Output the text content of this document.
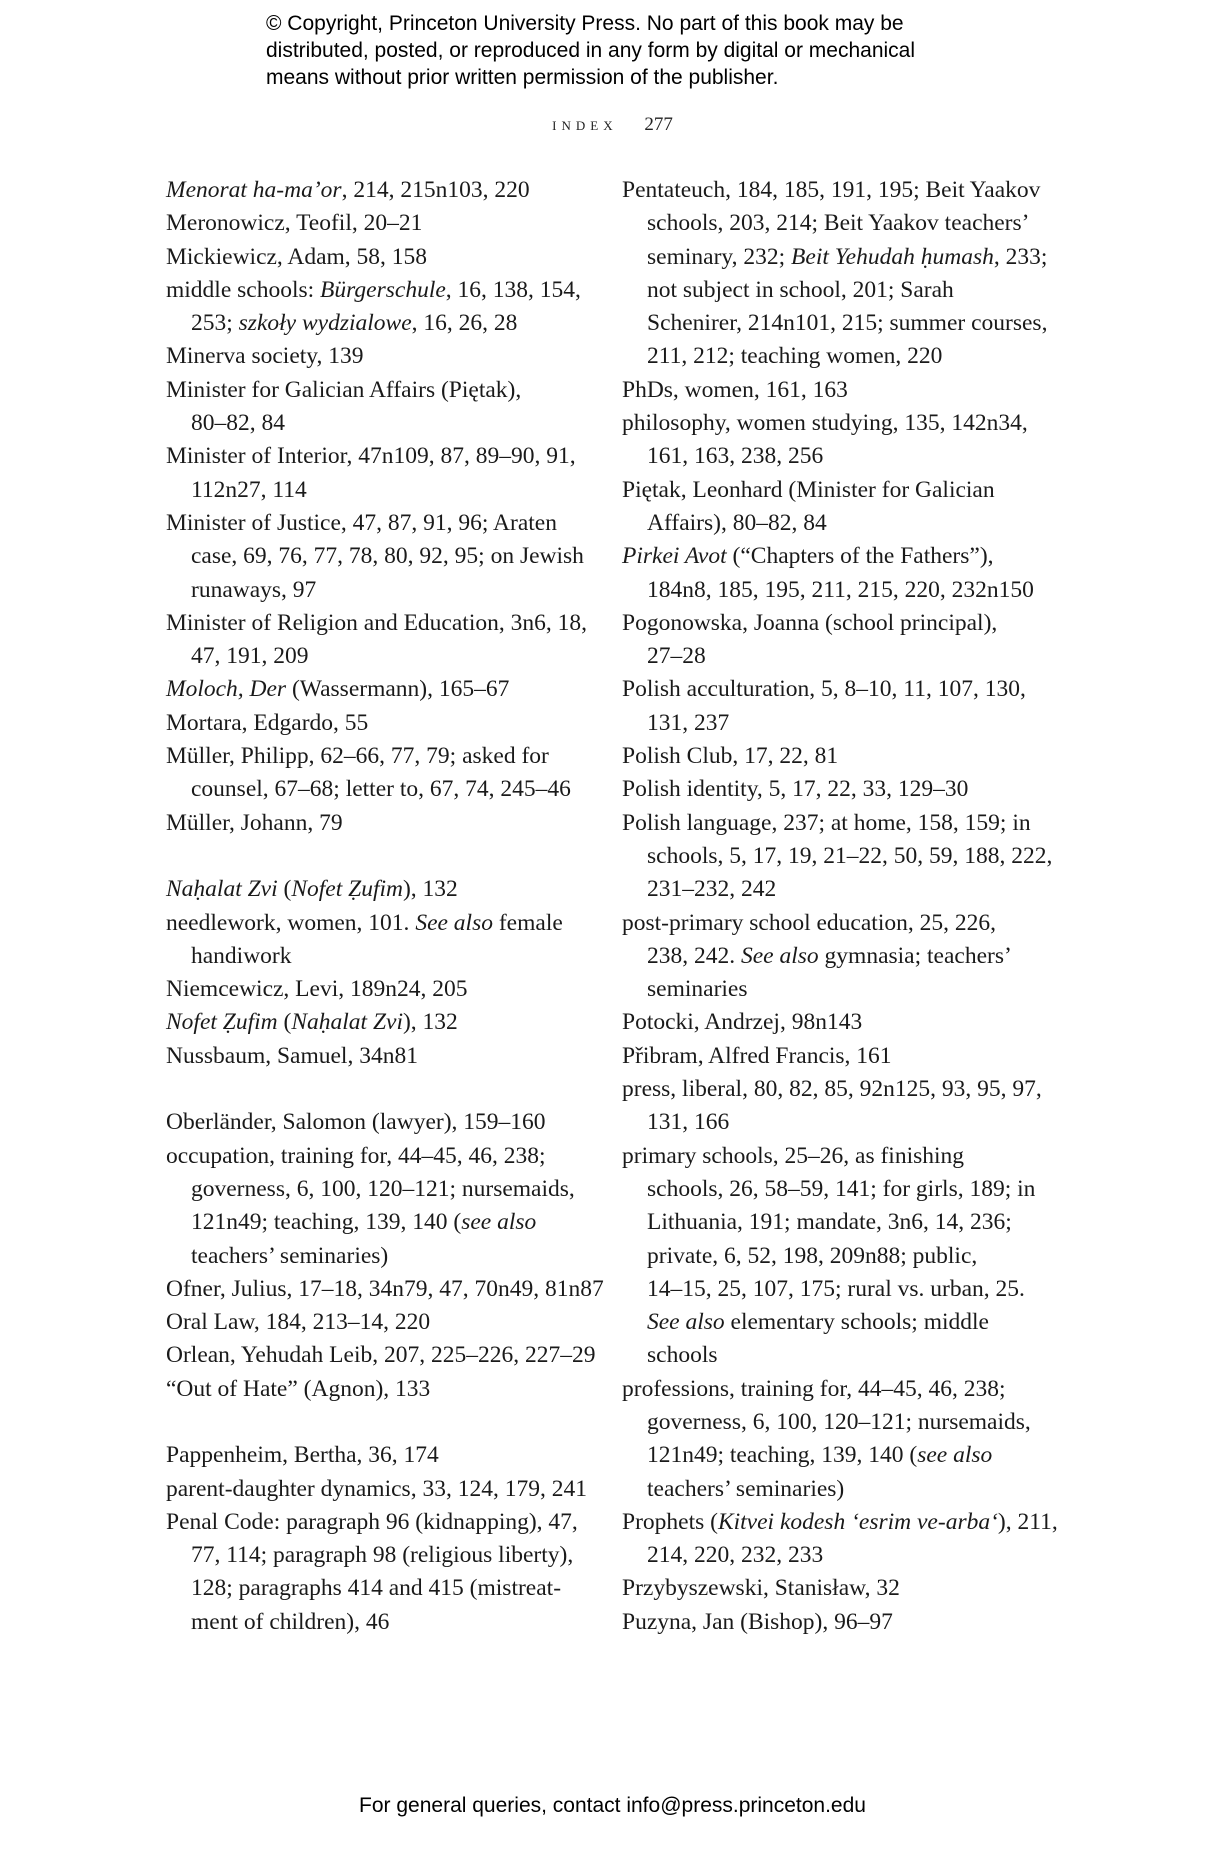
© Copyright, Princeton University Press. No part of this book may be
distributed, posted, or reproduced in any form by digital or mechanical
means without prior written permission of the publisher.
index 277
Menorat ha-ma’or, 214, 215n103, 220
Meronowicz, Teofil, 20–21
Mickiewicz, Adam, 58, 158
middle schools: Bürgerschule, 16, 138, 154,
253; szkoły wydzialowe, 16, 26, 28
Minerva society, 139
Minister for Galician Affairs (Piętak),
80–82, 84
Minister of Interior, 47n109, 87, 89–90, 91,
112n27, 114
Minister of Justice, 47, 87, 91, 96; Araten
case, 69, 76, 77, 78, 80, 92, 95; on Jewish
runaways, 97
Minister of Religion and Education, 3n6, 18,
47, 191, 209
Moloch, Der (Wassermann), 165–67
Mortara, Edgardo, 55
Müller, Philipp, 62–66, 77, 79; asked for
counsel, 67–68; letter to, 67, 74, 245–46
Müller, Johann, 79
Naḥalat Zvi (Nofet Ẓufim), 132
needlework, women, 101. See also female
handiwork
Niemcewicz, Levi, 189n24, 205
Nofet Ẓufim (Naḥalat Zvi), 132
Nussbaum, Samuel, 34n81
Oberländer, Salomon (lawyer), 159–160
occupation, training for, 44–45, 46, 238;
governess, 6, 100, 120–121; nursemaids,
121n49; teaching, 139, 140 (see also
teachers’ seminaries)
Ofner, Julius, 17–18, 34n79, 47, 70n49, 81n87
Oral Law, 184, 213–14, 220
Orlean, Yehudah Leib, 207, 225–226, 227–29
“Out of Hate” (Agnon), 133
Pappenheim, Bertha, 36, 174
parent-daughter dynamics, 33, 124, 179, 241
Penal Code: paragraph 96 (kidnapping), 47,
77, 114; paragraph 98 (religious liberty),
128; paragraphs 414 and 415 (mistreat-
ment of children), 46
Pentateuch, 184, 185, 191, 195; Beit Yaakov
schools, 203, 214; Beit Yaakov teachers’
seminary, 232; Beit Yehudah ḥumash, 233;
not subject in school, 201; Sarah
Schenirer, 214n101, 215; summer courses,
211, 212; teaching women, 220
PhDs, women, 161, 163
philosophy, women studying, 135, 142n34,
161, 163, 238, 256
Piętak, Leonhard (Minister for Galician
Affairs), 80–82, 84
Pirkei Avot (“Chapters of the Fathers”),
184n8, 185, 195, 211, 215, 220, 232n150
Pogonowska, Joanna (school principal),
27–28
Polish acculturation, 5, 8–10, 11, 107, 130,
131, 237
Polish Club, 17, 22, 81
Polish identity, 5, 17, 22, 33, 129–30
Polish language, 237; at home, 158, 159; in
schools, 5, 17, 19, 21–22, 50, 59, 188, 222,
231–232, 242
post-primary school education, 25, 226,
238, 242. See also gymnasia; teachers’
seminaries
Potocki, Andrzej, 98n143
Přibram, Alfred Francis, 161
press, liberal, 80, 82, 85, 92n125, 93, 95, 97,
131, 166
primary schools, 25–26, as finishing
schools, 26, 58–59, 141; for girls, 189; in
Lithuania, 191; mandate, 3n6, 14, 236;
private, 6, 52, 198, 209n88; public,
14–15, 25, 107, 175; rural vs. urban, 25.
See also elementary schools; middle
schools
professions, training for, 44–45, 46, 238;
governess, 6, 100, 120–121; nursemaids,
121n49; teaching, 139, 140 (see also
teachers’ seminaries)
Prophets (Kitvei kodesh ‘esrim ve-arba‘), 211,
214, 220, 232, 233
Przybyszewski, Stanisław, 32
Puzyna, Jan (Bishop), 96–97
For general queries, contact info@press.princeton.edu
